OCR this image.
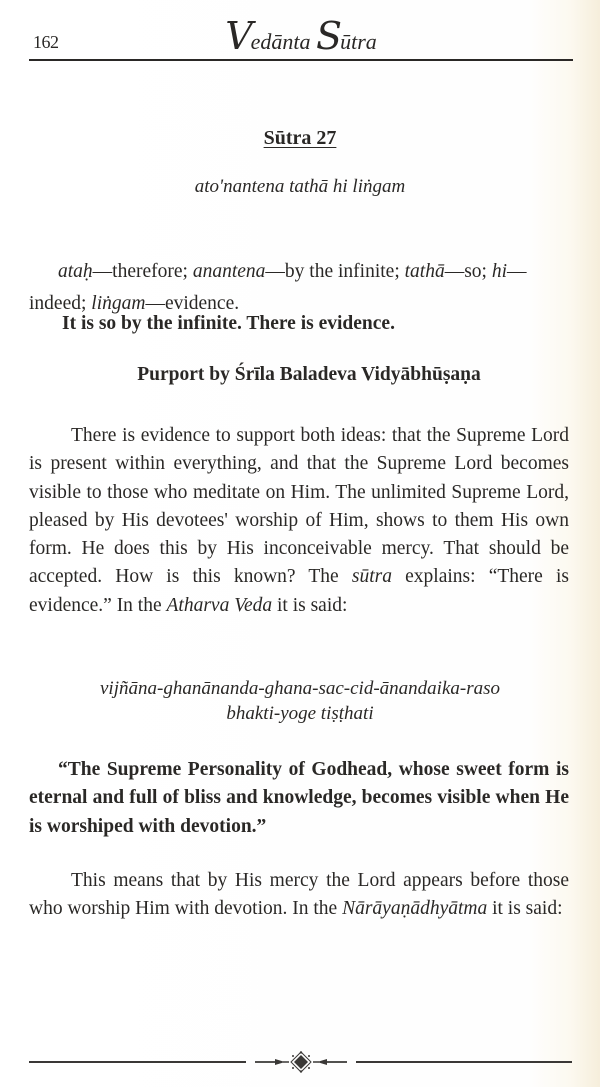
162	Vedānta Sūtra
Sūtra 27
ato'nantena tathā hi liṅgam
ataḥ—therefore; anantena—by the infinite; tathā—so; hi—indeed; liṅgam—evidence.
It is so by the infinite. There is evidence.
Purport by Śrīla Baladeva Vidyābhūṣaṇa
There is evidence to support both ideas: that the Supreme Lord is present within everything, and that the Supreme Lord becomes visible to those who meditate on Him. The unlimited Supreme Lord, pleased by His devotees' worship of Him, shows to them His own form. He does this by His inconceivable mercy. That should be accepted. How is this known? The sūtra explains: “There is evidence.” In the Atharva Veda it is said:
vijñāna-ghanānanda-ghana-sac-cid-ānandaika-raso
bhakti-yoge tiṣṭhati
“The Supreme Personality of Godhead, whose sweet form is eternal and full of bliss and knowledge, becomes visible when He is worshiped with devotion.”
This means that by His mercy the Lord appears before those who worship Him with devotion. In the Nārāyaṇādhyātma it is said:
